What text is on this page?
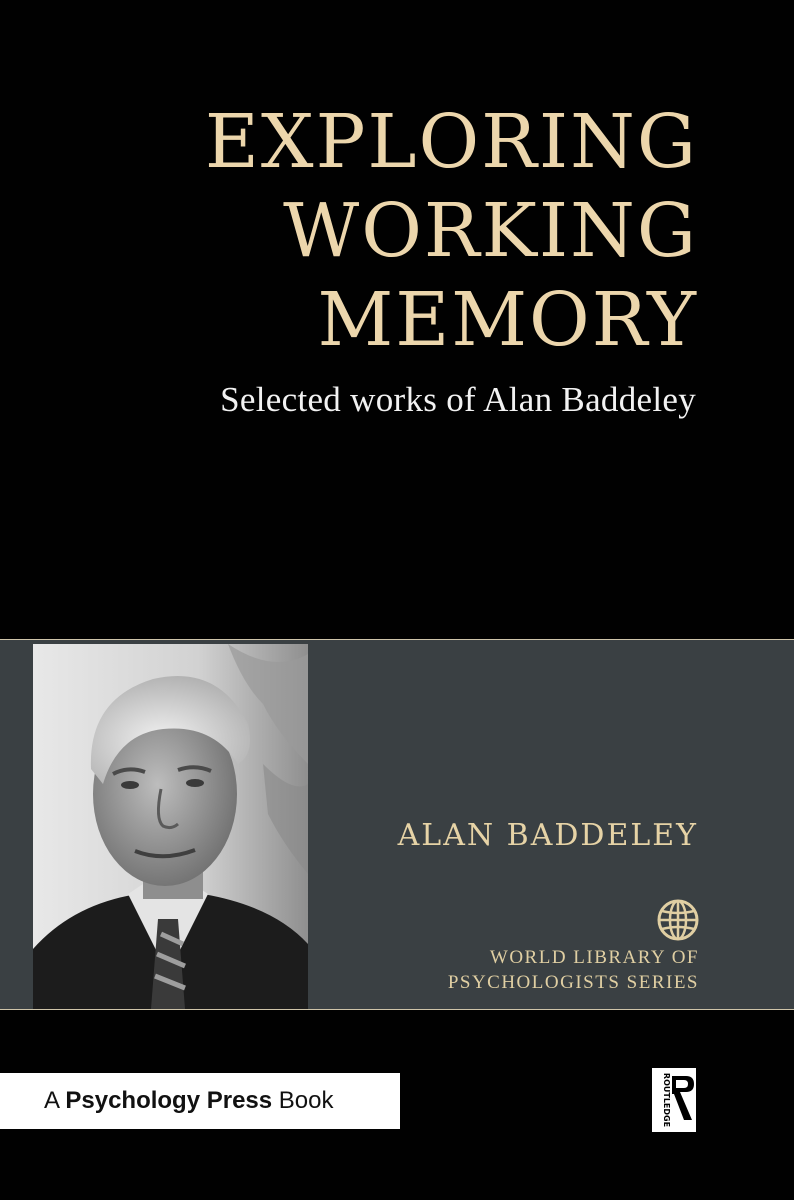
EXPLORING
WORKING
MEMORY
Selected works of Alan Baddeley
ALAN BADDELEY
WORLD LIBRARY OF
PSYCHOLOGISTS SERIES
A Psychology Press Book	ROUTLEDGE
